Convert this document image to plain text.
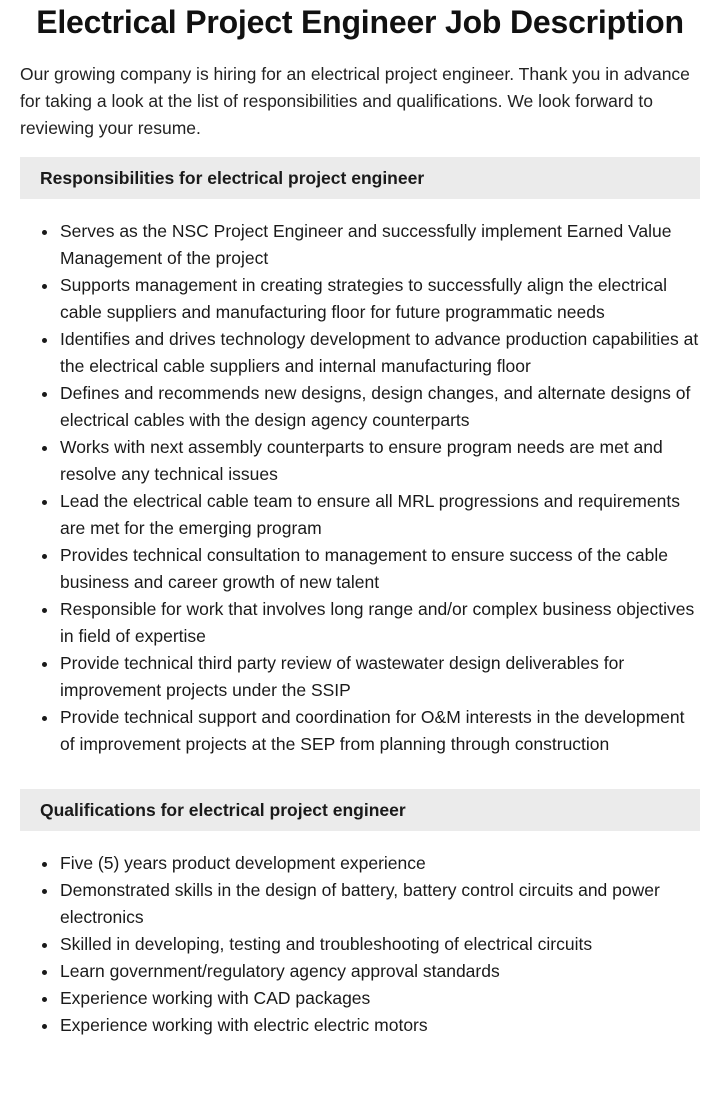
Electrical Project Engineer Job Description

Our growing company is hiring for an electrical project engineer. Thank you in advance for taking a look at the list of responsibilities and qualifications. We look forward to reviewing your resume.

Responsibilities for electrical project engineer
Serves as the NSC Project Engineer and successfully implement Earned Value Management of the project
Supports management in creating strategies to successfully align the electrical cable suppliers and manufacturing floor for future programmatic needs
Identifies and drives technology development to advance production capabilities at the electrical cable suppliers and internal manufacturing floor
Defines and recommends new designs, design changes, and alternate designs of electrical cables with the design agency counterparts
Works with next assembly counterparts to ensure program needs are met and resolve any technical issues
Lead the electrical cable team to ensure all MRL progressions and requirements are met for the emerging program
Provides technical consultation to management to ensure success of the cable business and career growth of new talent
Responsible for work that involves long range and/or complex business objectives in field of expertise
Provide technical third party review of wastewater design deliverables for improvement projects under the SSIP
Provide technical support and coordination for O&M interests in the development of improvement projects at the SEP from planning through construction
Qualifications for electrical project engineer
Five (5) years product development experience
Demonstrated skills in the design of battery, battery control circuits and power electronics
Skilled in developing, testing and troubleshooting of electrical circuits
Learn government/regulatory agency approval standards
Experience working with CAD packages
Experience working with electric electric motors
